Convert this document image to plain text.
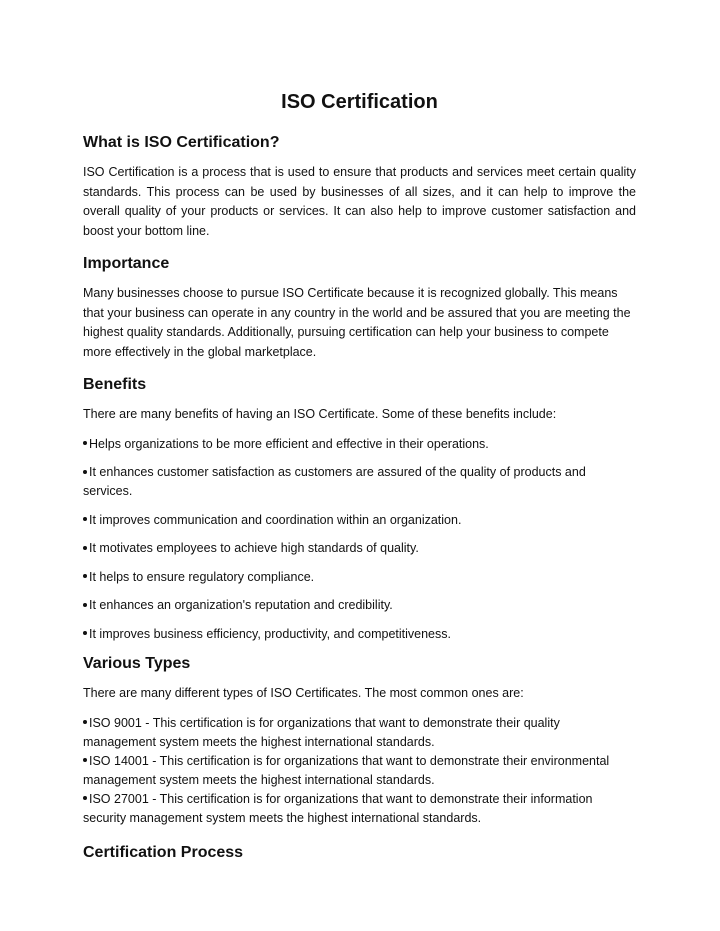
ISO Certification
What is ISO Certification?

ISO Certification is a process that is used to ensure that products and services meet certain quality standards. This process can be used by businesses of all sizes, and it can help to improve the overall quality of your products or services. It can also help to improve customer satisfaction and boost your bottom line.

Importance

Many businesses choose to pursue ISO Certificate because it is recognized globally. This means that your business can operate in any country in the world and be assured that you are meeting the highest quality standards. Additionally, pursuing certification can help your business to compete more effectively in the global marketplace.

Benefits

There are many benefits of having an ISO Certificate. Some of these benefits include:

Helps organizations to be more efficient and effective in their operations.
It enhances customer satisfaction as customers are assured of the quality of products and services.
It improves communication and coordination within an organization.
It motivates employees to achieve high standards of quality.
It helps to ensure regulatory compliance.
It enhances an organization's reputation and credibility.
It improves business efficiency, productivity, and competitiveness.
Various Types

There are many different types of ISO Certificates. The most common ones are:

ISO 9001 - This certification is for organizations that want to demonstrate their quality management system meets the highest international standards.
ISO 14001 - This certification is for organizations that want to demonstrate their environmental management system meets the highest international standards.
ISO 27001 - This certification is for organizations that want to demonstrate their information security management system meets the highest international standards.
Certification Process
